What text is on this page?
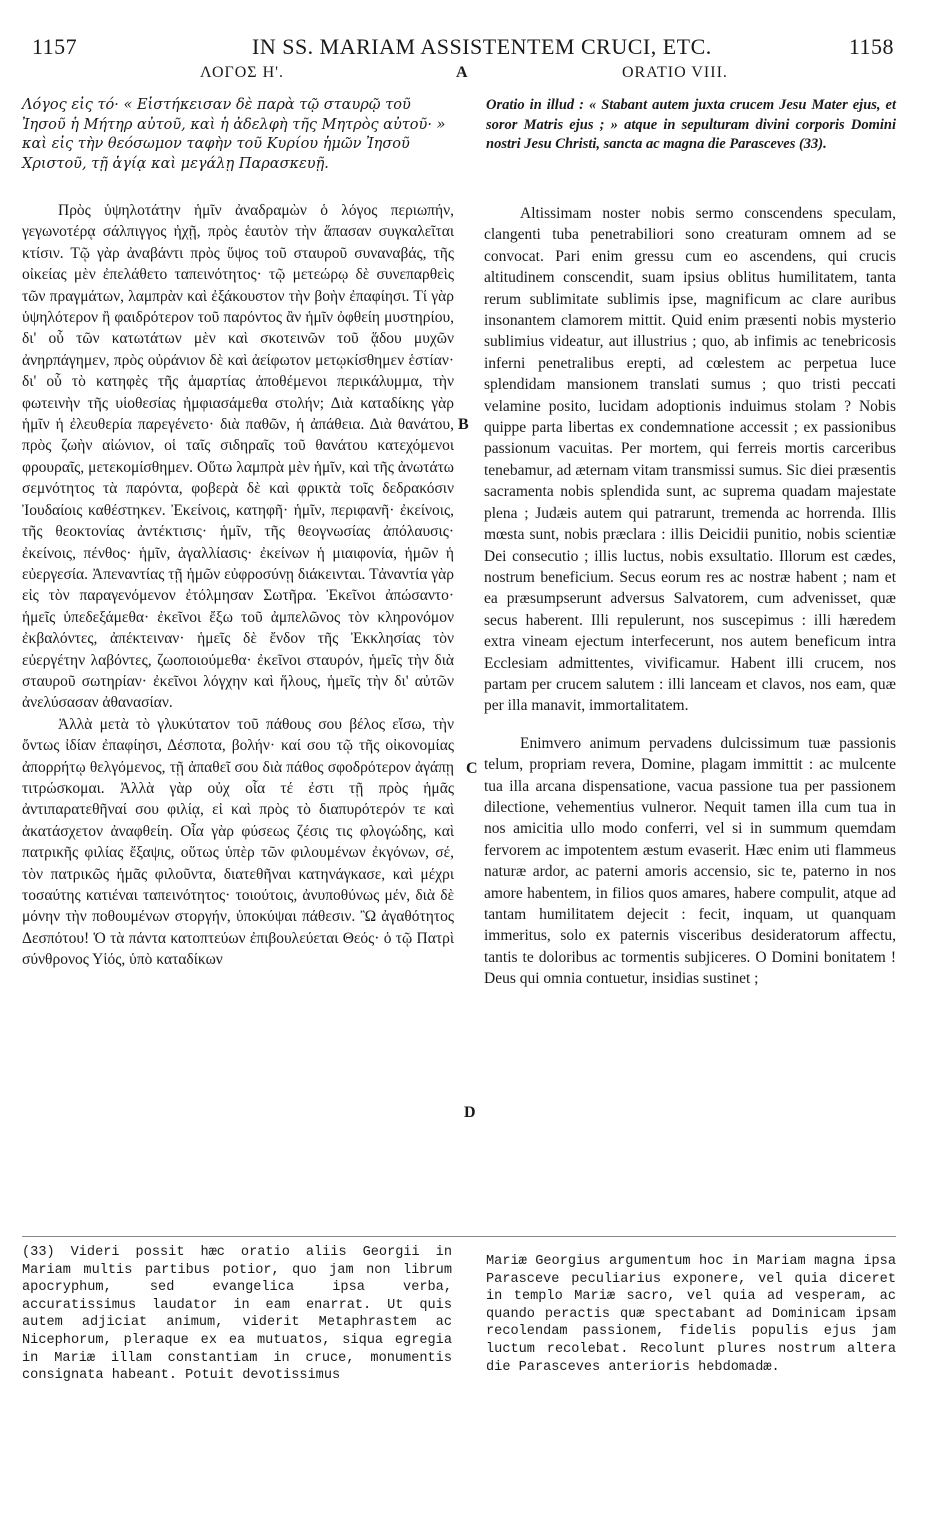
1157	IN SS. MARIAM ASSISTENTEM CRUCI, ETC.	1158
ΛΟΓΟΣ Η'.	A	ORATIO VIII.
Λόγος εἰς τό· « Εἱστήκεισαν δὲ παρὰ τῷ σταυρῷ τοῦ Ἰησοῦ ἡ Μήτηρ αὐτοῦ, καὶ ἡ ἀδελφὴ τῆς Μητρὸς αὐτοῦ· » καὶ εἰς τὴν θεόσωμον ταφὴν τοῦ Κυρίου ἡμῶν Ἰησοῦ Χριστοῦ, τῇ ἁγίᾳ καὶ μεγάλῃ Παρασκευῇ.
Oratio in illud : « Stabant autem juxta crucem Jesu Mater ejus, et soror Matris ejus ; » atque in sepulturam divini corporis Domini nostri Jesu Christi, sancta ac magna die Parasceves (33).

Πρὸς ὑψηλοτάτην ἡμῖν ἀναδραμὼν ὁ λόγος περιωπήν, γεγωνοτέρᾳ σάλπιγγος ἠχῇ, πρὸς ἑαυτὸν τὴν ἅπασαν συγκαλεῖται κτίσιν. Τῷ γὰρ ἀναβάντι πρὸς ὕψος τοῦ σταυροῦ συναναβάς, τῆς οἰκείας μὲν ἐπελάθετο ταπεινότητος· τῷ μετεώρῳ δὲ συνεπαρθεὶς τῶν πραγμάτων, λαμπρὰν καὶ ἐξάκουστον τὴν βοὴν ἐπαφίησι. Τί γὰρ ὑψηλότερον ἢ φαιδρότερον τοῦ παρόντος ἂν ἡμῖν ὀφθείη μυστηρίου, δι' οὗ τῶν κατωτάτων μὲν καὶ σκοτεινῶν τοῦ ᾅδου μυχῶν ἀνηρπάγημεν, πρὸς οὐράνιον δὲ καὶ ἀείφωτον μετῳκίσθημεν ἑστίαν· δι' οὗ τὸ κατηφὲς τῆς ἁμαρτίας ἀποθέμενοι περικάλυμμα, τὴν φωτεινὴν τῆς υἱοθεσίας ἠμφιασάμεθα στολήν; Διὰ καταδίκης γὰρ ἡμῖν ἡ ἐλευθερία παρεγένετο· διὰ παθῶν, ἡ ἀπάθεια. Διὰ θανάτου, πρὸς ζωὴν αἰώνιον, οἱ ταῖς σιδηραῖς τοῦ θανάτου κατεχόμενοι φρουραῖς, μετεκομίσθημεν. Οὕτω λαμπρὰ μὲν ἡμῖν, καὶ τῆς ἀνωτάτω σεμνότητος τὰ παρόντα, φοβερὰ δὲ καὶ φρικτὰ τοῖς δεδρακόσιν Ἰουδαίοις καθέστηκεν. Ἐκείνοις, κατηφῆ· ἡμῖν, περιφανῆ· ἐκείνοις, τῆς θεοκτονίας ἀντέκτισις· ἡμῖν, τῆς θεογνωσίας ἀπόλαυσις· ἐκείνοις, πένθος· ἡμῖν, ἀγαλλίασις· ἐκείνων ἡ μιαιφονία, ἡμῶν ἡ εὐεργεσία. Ἀπεναντίας τῇ ἡμῶν εὐφροσύνῃ διάκεινται. Τἀναντία γὰρ εἰς τὸν παραγενόμενον ἐτόλμησαν Σωτῆρα. Ἐκεῖνοι ἀπώσαντο· ἡμεῖς ὑπεδεξάμεθα· ἐκεῖνοι ἔξω τοῦ ἀμπελῶνος τὸν κληρονόμον ἐκβαλόντες, ἀπέκτειναν· ἡμεῖς δὲ ἔνδον τῆς Ἐκκλησίας τὸν εὐεργέτην λαβόντες, ζωοποιούμεθα· ἐκεῖνοι σταυρόν, ἡμεῖς τὴν διὰ σταυροῦ σωτηρίαν· ἐκεῖνοι λόγχην καὶ ἥλους, ἡμεῖς τὴν δι' αὐτῶν ἀνελύσασαν ἀθανασίαν.

Ἀλλὰ μετὰ τὸ γλυκύτατον τοῦ πάθους σου βέλος εἴσω, τὴν ὄντως ἰδίαν ἐπαφίησι, Δέσποτα, βολήν· καί σου τῷ τῆς οἰκονομίας ἀπορρήτῳ θελγόμενος, τῇ ἀπαθεῖ σου διὰ πάθος σφοδρότερον ἀγάπῃ τιτρώσκομαι. Ἀλλὰ γὰρ οὐχ οἷα τέ ἐστι τῇ πρὸς ἡμᾶς ἀντιπαρατεθῆναί σου φιλίᾳ, εἰ καὶ πρὸς τὸ διαπυρότερόν τε καὶ ἀκατάσχετον ἀναφθείη. Οἷα γὰρ φύσεως ζέσις τις φλογώδης, καὶ πατρικῆς φιλίας ἔξαψις, οὕτως ὑπὲρ τῶν φιλουμένων ἐκγόνων, σέ, τὸν πατρικῶς ἡμᾶς φιλοῦντα, διατεθῆναι κατηνάγκασε, καὶ μέχρι τοσαύτης κατιέναι ταπεινότητος· τοιούτοις, ἀνυποθύνως μέν, διὰ δὲ μόνην τὴν ποθουμένων στοργήν, ὑποκύψαι πάθεσιν. Ὢ ἀγαθότητος Δεσπότου! Ὁ τὰ πάντα κατοπτεύων ἐπιβουλεύεται Θεός· ὁ τῷ Πατρὶ σύνθρονος Υἱός, ὑπὸ καταδίκων

Altissimam noster nobis sermo conscendens speculam, clangenti tuba penetrabiliori sono creaturam omnem ad se convocat. Pari enim gressu cum eo ascendens, qui crucis altitudinem conscendit, suam ipsius oblitus humilitatem, tanta rerum sublimitate sublimis ipse, magnificum ac clare auribus insonantem clamorem mittit. Quid enim præsenti nobis mysterio sublimius videatur, aut illustrius ; quo, ab infimis ac tenebricosis inferni penetralibus erepti, ad cœlestem ac perpetua luce splendidam mansionem translati sumus ; quo tristi peccati velamine posito, lucidam adoptionis induimus stolam ? Nobis quippe parta libertas ex condemnatione accessit ; ex passionibus passionum vacuitas. Per mortem, qui ferreis mortis carceribus tenebamur, ad æternam vitam transmissi sumus. Sic diei præsentis sacramenta nobis splendida sunt, ac suprema quadam majestate plena ; Judæis autem qui patrarunt, tremenda ac horrenda. Illis mœsta sunt, nobis præclara : illis Deicidii punitio, nobis scientiæ Dei consecutio ; illis luctus, nobis exsultatio. Illorum est cædes, nostrum beneficium. Secus eorum res ac nostræ habent ; nam et ea præsumpserunt adversus Salvatorem, cum advenisset, quæ secus haberent. Illi repulerunt, nos suscepimus : illi hæredem extra vineam ejectum interfecerunt, nos autem beneficum intra Ecclesiam admittentes, vivificamur. Habent illi crucem, nos partam per crucem salutem : illi lanceam et clavos, nos eam, quæ per illa manavit, immortalitatem.

Enimvero animum pervadens dulcissimum tuæ passionis telum, propriam revera, Domine, plagam immittit : ac mulcente tua illa arcana dispensatione, vacua passione tua per passionem dilectione, vehementius vulneror. Nequit tamen illa cum tua in nos amicitia ullo modo conferri, vel si in summum quemdam fervorem ac impotentem æstum evaserit. Hæc enim uti flammeus naturæ ardor, ac paterni amoris accensio, sic te, paterno in nos amore habentem, in filios quos amares, habere compulit, atque ad tantam humilitatem dejecit : fecit, inquam, ut quanquam immeritus, solo ex paternis visceribus desideratorum affectu, tantis te doloribus ac tormentis subjiceres. O Domini bonitatem ! Deus qui omnia contuetur, insidias sustinet ;

B
C
D
(33) Videri possit hæc oratio aliis Georgii in Mariam multis partibus potior, quo jam non librum apocryphum, sed evangelica ipsa verba, accuratissimus laudator in eam enarrat. Ut quis autem adjiciat animum, viderit Metaphrastem ac Nicephorum, pleraque ex ea mutuatos, siqua egregia in Mariæ illam constantiam in cruce, monumentis consignata habeant. Potuit devotissimus
Mariæ Georgius argumentum hoc in Mariam magna ipsa Parasceve peculiarius exponere, vel quia diceret in templo Mariæ sacro, vel quia ad vesperam, ac quando peractis quæ spectabant ad Dominicam ipsam recolendam passionem, fidelis populis ejus jam luctum recolebat. Recolunt plures nostrum altera die Parasceves anterioris hebdomadæ.
